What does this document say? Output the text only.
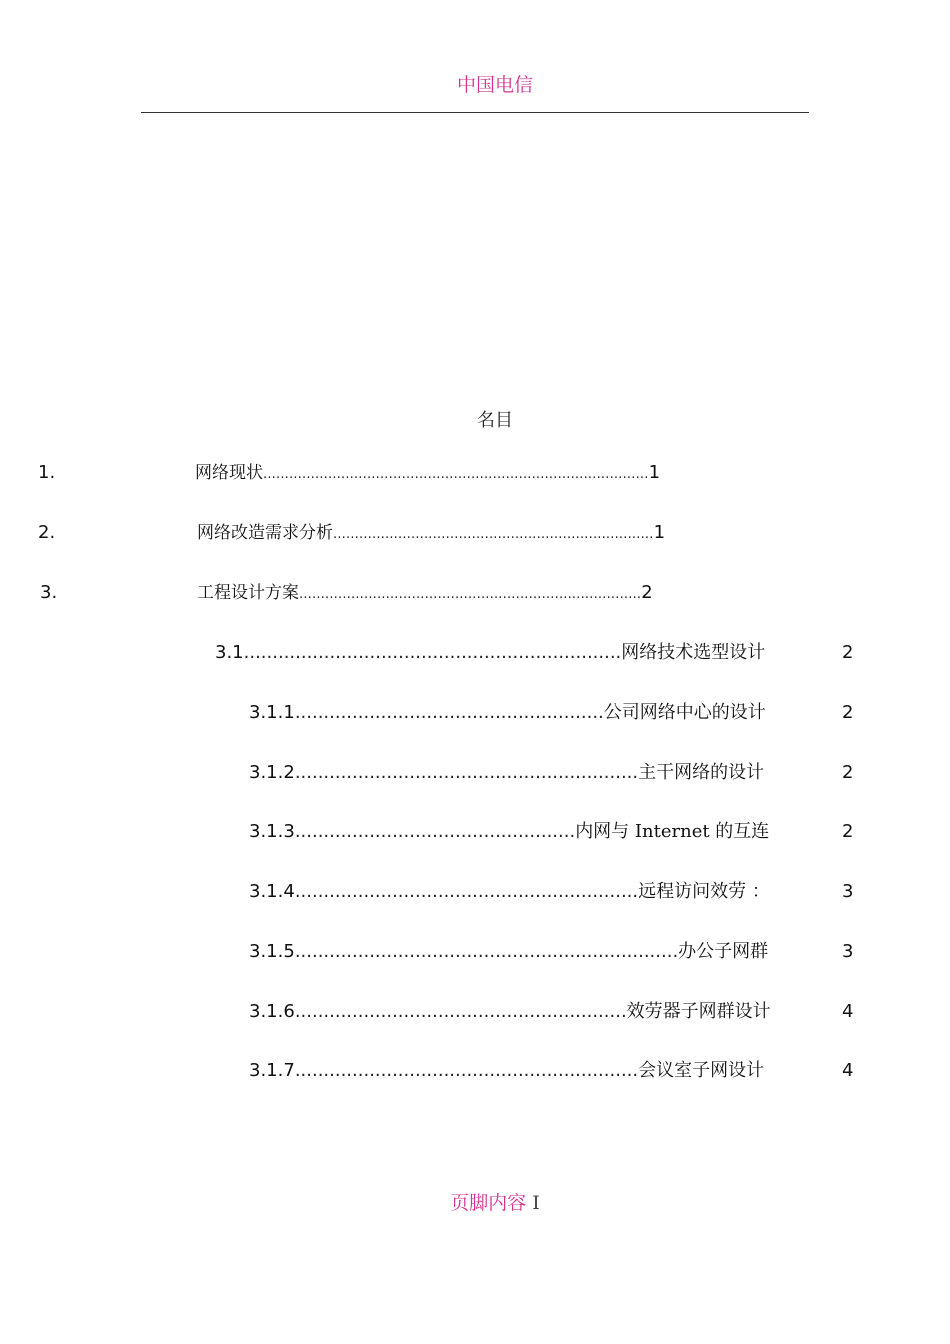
中国电信
名目
1.	网络现状.........................................................................................1
2.	网络改造需求分析..........................................................................1
3.	工程设计方案...............................................................................2
3.1..................................................................网络技术选型设计	2
3.1.1......................................................公司网络中心的设计	2
3.1.2............................................................主干网络的设计	2
3.1.3.................................................内网与 Internet 的互连	2
3.1.4............................................................远程访问效劳 ：	3
3.1.5...................................................................办公子网群	3
3.1.6..........................................................效劳器子网群设计	4
3.1.7............................................................会议室子网设计	4
页脚内容 I
